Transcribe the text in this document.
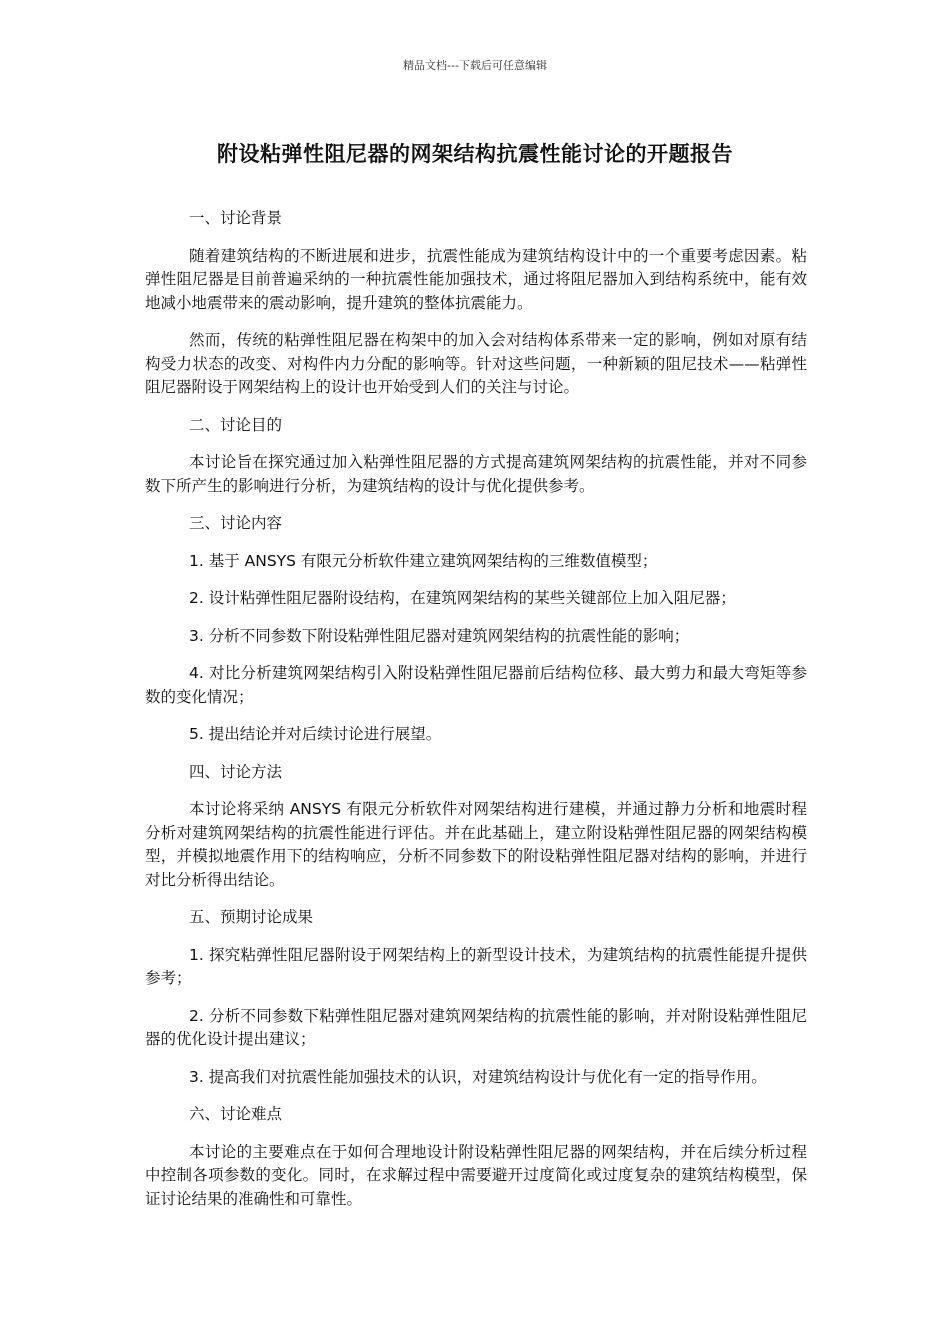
精品文档---下载后可任意编辑
附设粘弹性阻尼器的网架结构抗震性能讨论的开题报告

一、讨论背景

随着建筑结构的不断进展和进步，抗震性能成为建筑结构设计中的一个重要考虑因素。粘弹性阻尼器是目前普遍采纳的一种抗震性能加强技术，通过将阻尼器加入到结构系统中，能有效地减小地震带来的震动影响，提升建筑的整体抗震能力。

然而，传统的粘弹性阻尼器在构架中的加入会对结构体系带来一定的影响，例如对原有结构受力状态的改变、对构件内力分配的影响等。针对这些问题，一种新颖的阻尼技术——粘弹性阻尼器附设于网架结构上的设计也开始受到人们的关注与讨论。

二、讨论目的

本讨论旨在探究通过加入粘弹性阻尼器的方式提高建筑网架结构的抗震性能，并对不同参数下所产生的影响进行分析，为建筑结构的设计与优化提供参考。

三、讨论内容

1. 基于 ANSYS 有限元分析软件建立建筑网架结构的三维数值模型；

2. 设计粘弹性阻尼器附设结构，在建筑网架结构的某些关键部位上加入阻尼器；

3. 分析不同参数下附设粘弹性阻尼器对建筑网架结构的抗震性能的影响；

4. 对比分析建筑网架结构引入附设粘弹性阻尼器前后结构位移、最大剪力和最大弯矩等参数的变化情况；

5. 提出结论并对后续讨论进行展望。

四、讨论方法

本讨论将采纳 ANSYS 有限元分析软件对网架结构进行建模，并通过静力分析和地震时程分析对建筑网架结构的抗震性能进行评估。并在此基础上，建立附设粘弹性阻尼器的网架结构模型，并模拟地震作用下的结构响应，分析不同参数下的附设粘弹性阻尼器对结构的影响，并进行对比分析得出结论。

五、预期讨论成果

1. 探究粘弹性阻尼器附设于网架结构上的新型设计技术，为建筑结构的抗震性能提升提供参考；

2. 分析不同参数下粘弹性阻尼器对建筑网架结构的抗震性能的影响，并对附设粘弹性阻尼器的优化设计提出建议；

3. 提高我们对抗震性能加强技术的认识，对建筑结构设计与优化有一定的指导作用。

六、讨论难点

本讨论的主要难点在于如何合理地设计附设粘弹性阻尼器的网架结构，并在后续分析过程中控制各项参数的变化。同时，在求解过程中需要避开过度简化或过度复杂的建筑结构模型，保证讨论结果的准确性和可靠性。
